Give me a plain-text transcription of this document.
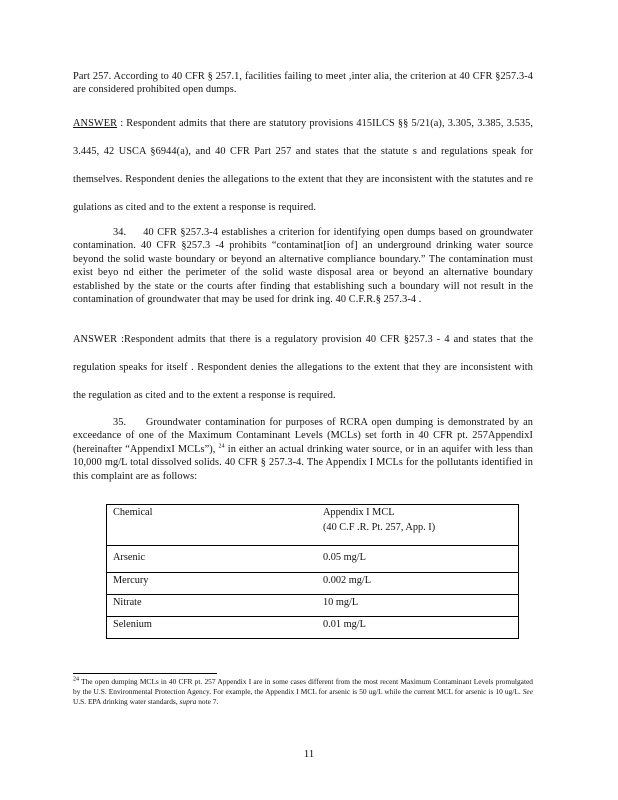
Part 257. According to 40 CFR § 257.1, facilities failing to meet ,inter alia, the criterion at 40 CFR §257.3-4 are considered prohibited open dumps.
ANSWER : Respondent admits that there are statutory provisions 415ILCS §§ 5/21(a), 3.305, 3.385, 3.535, 3.445, 42 USCA §6944(a), and 40 CFR Part 257 and states that the statute s and regulations speak for themselves. Respondent denies the allegations to the extent that they are inconsistent with the statutes and re gulations as cited and to the extent a response is required.
34. 40 CFR §257.3-4 establishes a criterion for identifying open dumps based on groundwater contamination. 40 CFR §257.3 -4 prohibits “contaminat[ion of] an underground drinking water source beyond the solid waste boundary or beyond an alternative compliance boundary.” The contamination must exist beyo nd either the perimeter of the solid waste disposal area or beyond an alternative boundary established by the state or the courts after finding that establishing such a boundary will not result in the contamination of groundwater that may be used for drink ing. 40 C.F.R.§ 257.3-4 .
ANSWER :Respondent admits that there is a regulatory provision 40 CFR §257.3 - 4 and states that the regulation speaks for itself . Respondent denies the allegations to the extent that they are inconsistent with the regulation as cited and to the extent a response is required.
35. Groundwater contamination for purposes of RCRA open dumping is demonstrated by an exceedance of one of the Maximum Contaminant Levels (MCLs) set forth in 40 CFR pt. 257AppendixI (hereinafter “AppendixI MCLs”), $^{24}$ in either an actual drinking water source, or in an aquifer with less than 10,000 mg/L total dissolved solids. 40 CFR § 257.3-4. The Appendix I MCLs for the pollutants identified in this complaint are as follows:
Chemical	Appendix I MCL
(40 C.F .R. Pt. 257, App. I)

Arsenic	0.05 mg/L
Mercury	0.002 mg/L
Nitrate	10 mg/L
Selenium	0.01 mg/L
$^{24}$ The open dumping MCLs in 40 CFR pt. 257 Appendix I are in some cases different from the most recent Maximum Contaminant Levels promulgated by the U.S. Environmental Protection Agency. For example, the Appendix I MCL for arsenic is 50 ug/L while the current MCL for arsenic is 10 ug/L. See U.S. EPA drinking water standards, supra note 7.
11
